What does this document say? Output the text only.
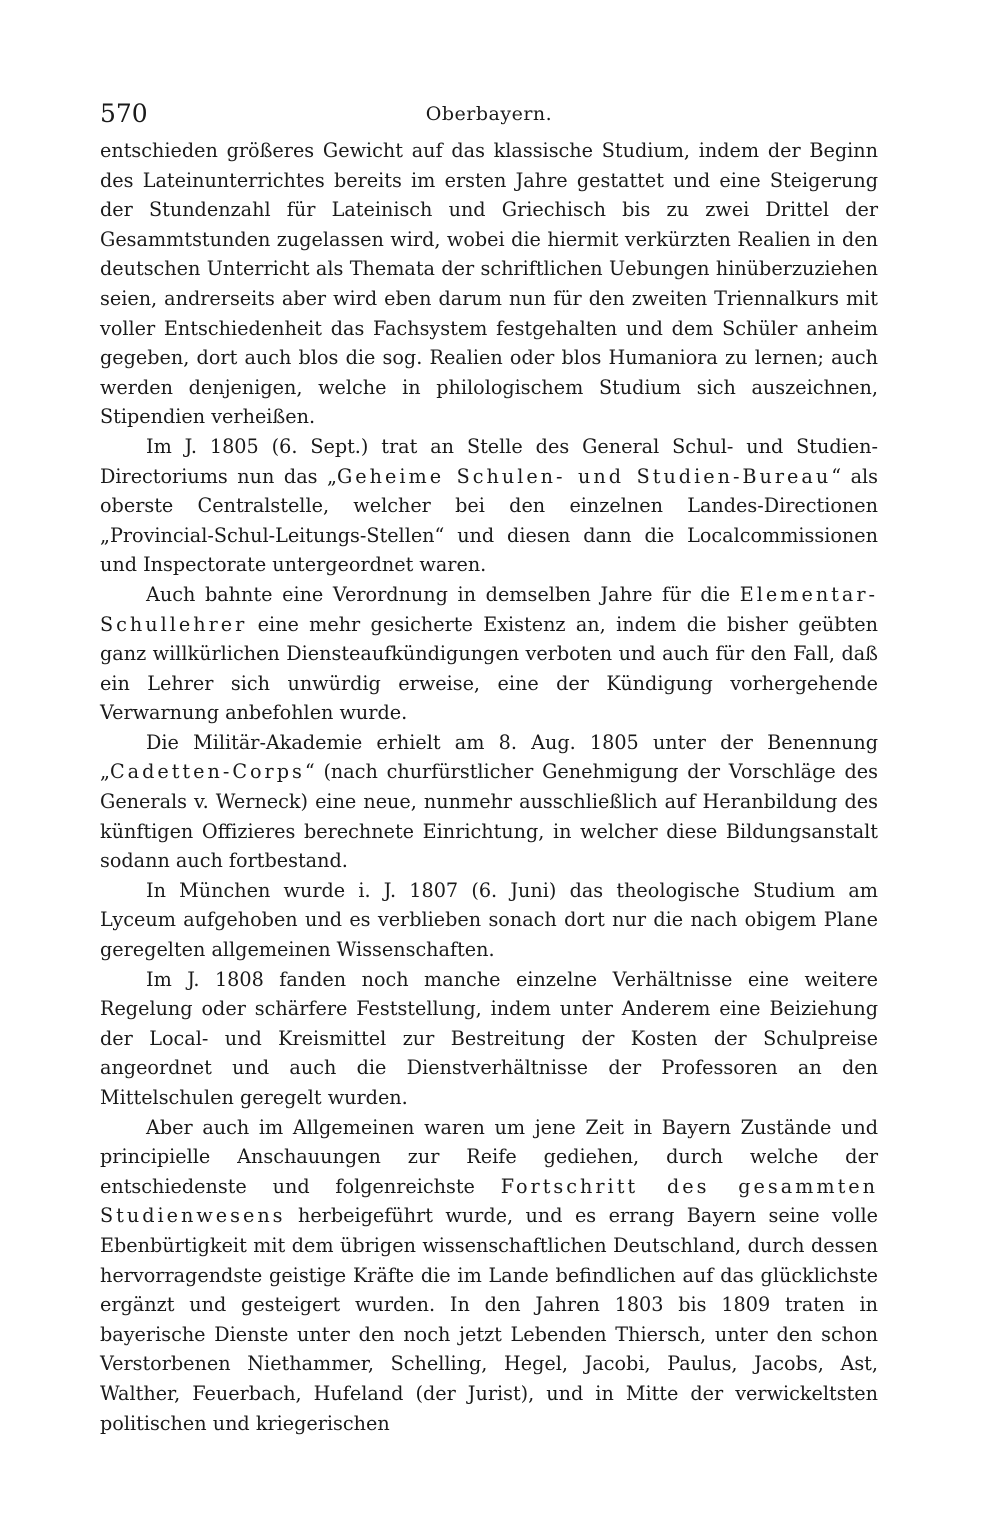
570	Oberbayern.

entschieden größeres Gewicht auf das klassische Studium, indem der Beginn des Lateinunterrichtes bereits im ersten Jahre gestattet und eine Steigerung der Stundenzahl für Lateinisch und Griechisch bis zu zwei Drittel der Gesammtstunden zugelassen wird, wobei die hiermit verkürzten Realien in den deutschen Unterricht als Themata der schriftlichen Uebungen hinüberzuziehen seien, andrerseits aber wird eben darum nun für den zweiten Triennalkurs mit voller Entschiedenheit das Fachsystem festgehalten und dem Schüler anheim gegeben, dort auch blos die sog. Realien oder blos Humaniora zu lernen; auch werden denjenigen, welche in philologischem Studium sich auszeichnen, Stipendien verheißen.

Im J. 1805 (6. Sept.) trat an Stelle des General Schul- und Studien-Directoriums nun das „Geheime Schulen- und Studien-Bureau“ als oberste Centralstelle, welcher bei den einzelnen Landes-Directionen „Provincial-Schul-Leitungs-Stellen“ und diesen dann die Localcommissionen und Inspectorate untergeordnet waren.

Auch bahnte eine Verordnung in demselben Jahre für die Elementar-Schullehrer eine mehr gesicherte Existenz an, indem die bisher geübten ganz willkürlichen Diensteaufkündigungen verboten und auch für den Fall, daß ein Lehrer sich unwürdig erweise, eine der Kündigung vorhergehende Verwarnung anbefohlen wurde.

Die Militär-Akademie erhielt am 8. Aug. 1805 unter der Benennung „Cadetten-Corps“ (nach churfürstlicher Genehmigung der Vorschläge des Generals v. Werneck) eine neue, nunmehr ausschließlich auf Heranbildung des künftigen Offizieres berechnete Einrichtung, in welcher diese Bildungsanstalt sodann auch fortbestand.

In München wurde i. J. 1807 (6. Juni) das theologische Studium am Lyceum aufgehoben und es verblieben sonach dort nur die nach obigem Plane geregelten allgemeinen Wissenschaften.

Im J. 1808 fanden noch manche einzelne Verhältnisse eine weitere Regelung oder schärfere Feststellung, indem unter Anderem eine Beiziehung der Local- und Kreismittel zur Bestreitung der Kosten der Schulpreise angeordnet und auch die Dienstverhältnisse der Professoren an den Mittelschulen geregelt wurden.

Aber auch im Allgemeinen waren um jene Zeit in Bayern Zustände und principielle Anschauungen zur Reife gediehen, durch welche der entschiedenste und folgenreichste Fortschritt des gesammten Studienwesens herbeigeführt wurde, und es errang Bayern seine volle Ebenbürtigkeit mit dem übrigen wissenschaftlichen Deutschland, durch dessen hervorragendste geistige Kräfte die im Lande befindlichen auf das glücklichste ergänzt und gesteigert wurden. In den Jahren 1803 bis 1809 traten in bayerische Dienste unter den noch jetzt Lebenden Thiersch, unter den schon Verstorbenen Niethammer, Schelling, Hegel, Jacobi, Paulus, Jacobs, Ast, Walther, Feuerbach, Hufeland (der Jurist), und in Mitte der verwickeltsten politischen und kriegerischen
